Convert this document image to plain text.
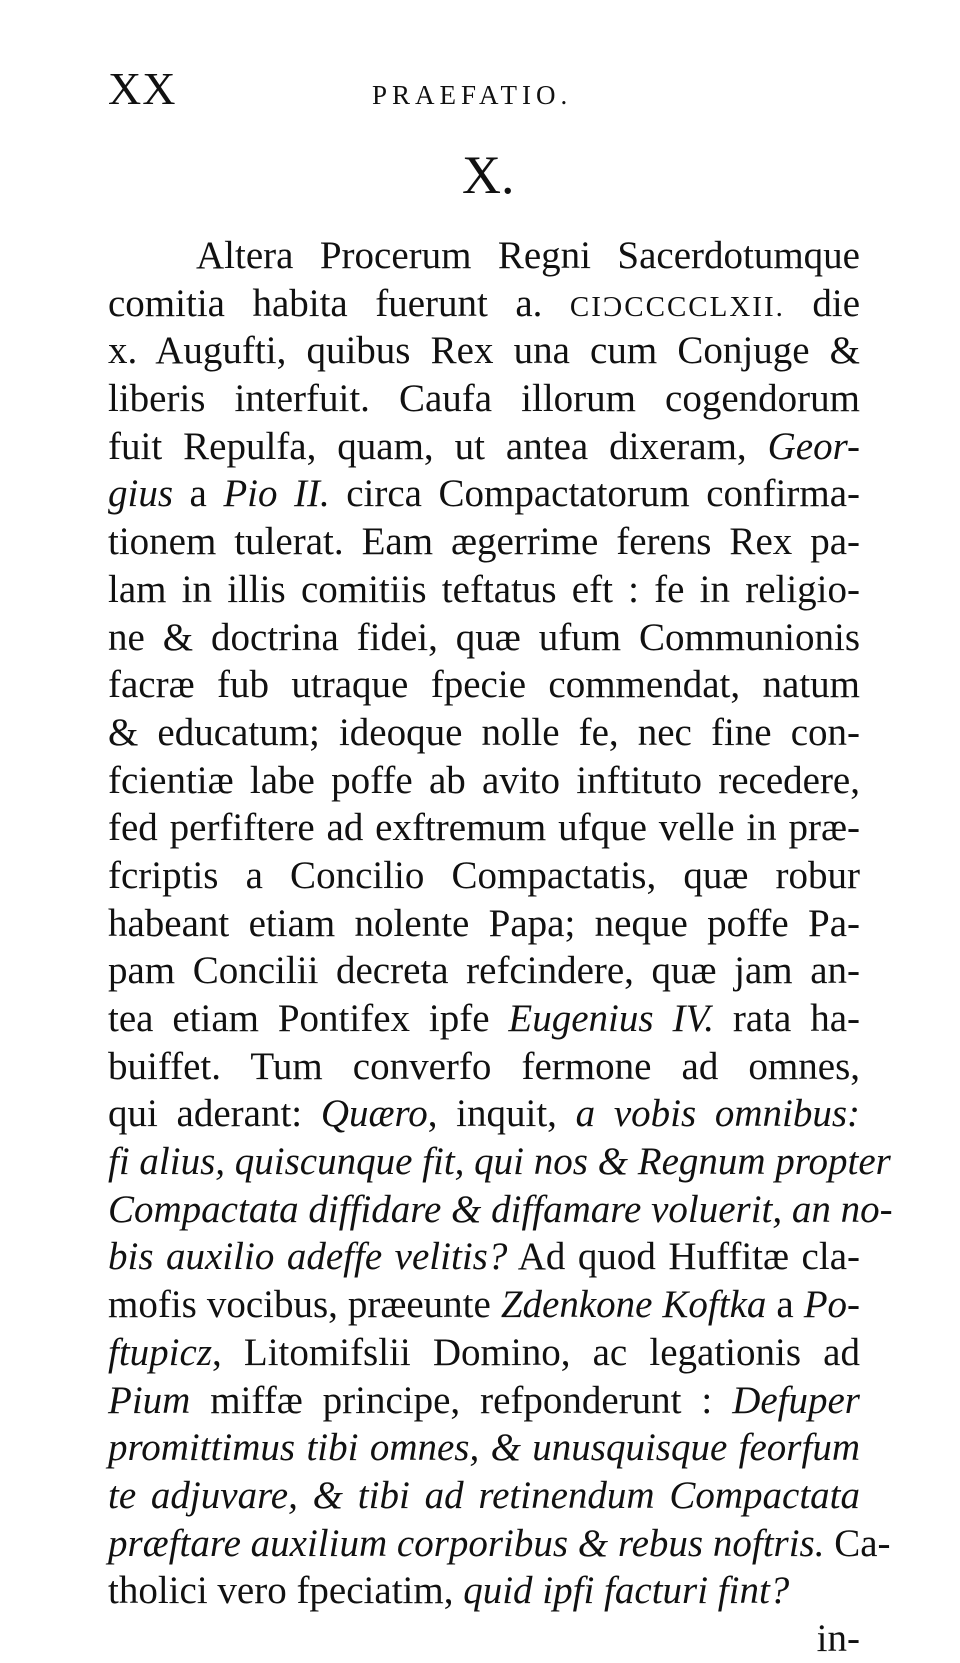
XX	PRAEFATIO.
X.
Altera Procerum Regni Sacerdotumque
comitia habita fuerunt a. CIƆCCCCLXII. die
x. Augufti, quibus Rex una cum Conjuge &
liberis interfuit. Caufa illorum cogendorum
fuit Repulfa, quam, ut antea dixeram, Geor-
gius a Pio II. circa Compactatorum confirma-
tionem tulerat. Eam ægerrime ferens Rex pa-
lam in illis comitiis teftatus eft : fe in religio-
ne & doctrina fidei, quæ ufum Communionis
facræ fub utraque fpecie commendat, natum
& educatum; ideoque nolle fe, nec fine con-
fcientiæ labe poffe ab avito inftituto recedere,
fed perfiftere ad exftremum ufque velle in præ-
fcriptis a Concilio Compactatis, quæ robur
habeant etiam nolente Papa; neque poffe Pa-
pam Concilii decreta refcindere, quæ jam an-
tea etiam Pontifex ipfe Eugenius IV. rata ha-
buiffet. Tum converfo fermone ad omnes,
qui aderant: Quæro, inquit, a vobis omnibus:
fi alius, quiscunque fit, qui nos & Regnum propter
Compactata diffidare & diffamare voluerit, an no-
bis auxilio adeffe velitis? Ad quod Huffitæ cla-
mofis vocibus, præeunte Zdenkone Koftka a Po-
ftupicz, Litomifslii Domino, ac legationis ad
Pium miffæ principe, refponderunt : Defuper
promittimus tibi omnes, & unusquisque feorfum
te adjuvare, & tibi ad retinendum Compactata
præftare auxilium corporibus & rebus noftris. Ca-
tholici vero fpeciatim, quid ipfi facturi fint?
in-
